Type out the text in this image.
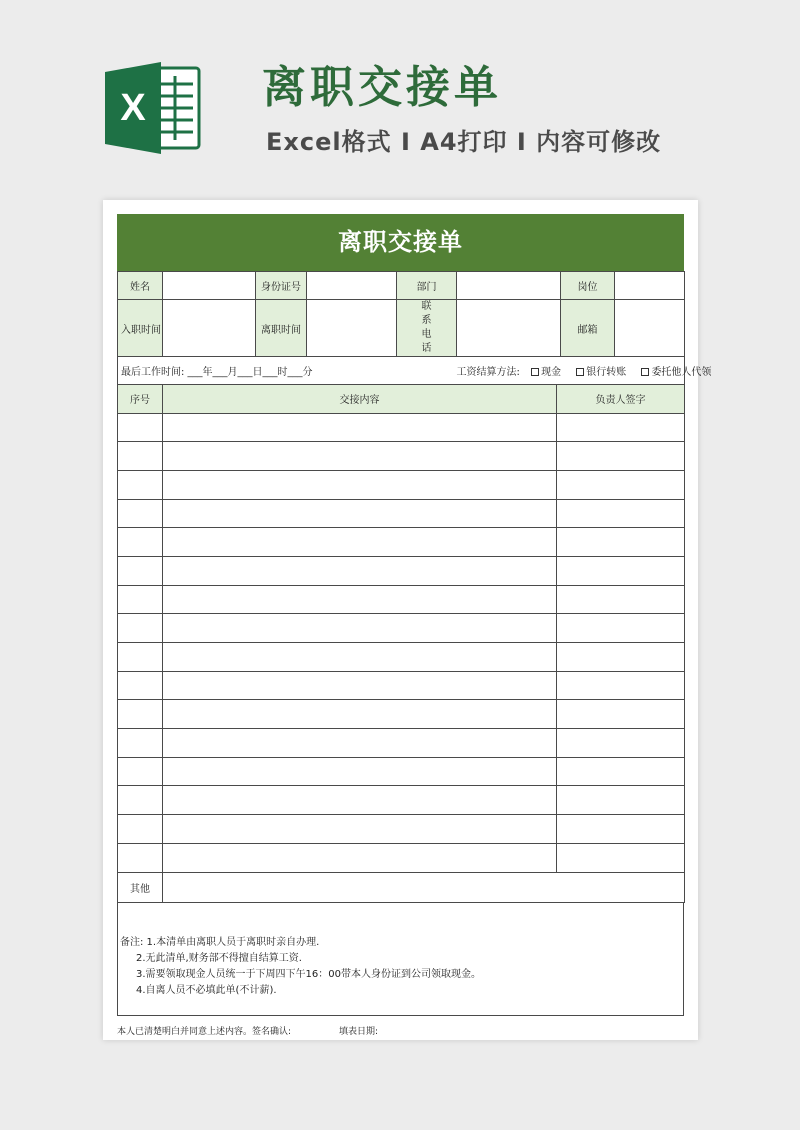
X	离职交接单
Excel格式 I A4打印 I 内容可修改
离职交接单
姓名		身份证号		部门		岗位	
入职时间		离职时间		联系电话		邮箱	
最后工作时间: ___年___月___日___时___分					工资结算方法: 现金 银行转账 委托他人代领		
序号	交接内容	负责人签字

其他		
备注: 1.本清单由离职人员于离职时亲自办理.
2.无此清单,财务部不得擅自结算工资.
3.需要领取现金人员统一于下周四下午16：00带本人身份证到公司领取现金。
4.自离人员不必填此单(不计薪).
本人已清楚明白并同意上述内容。签名确认:	填表日期:
